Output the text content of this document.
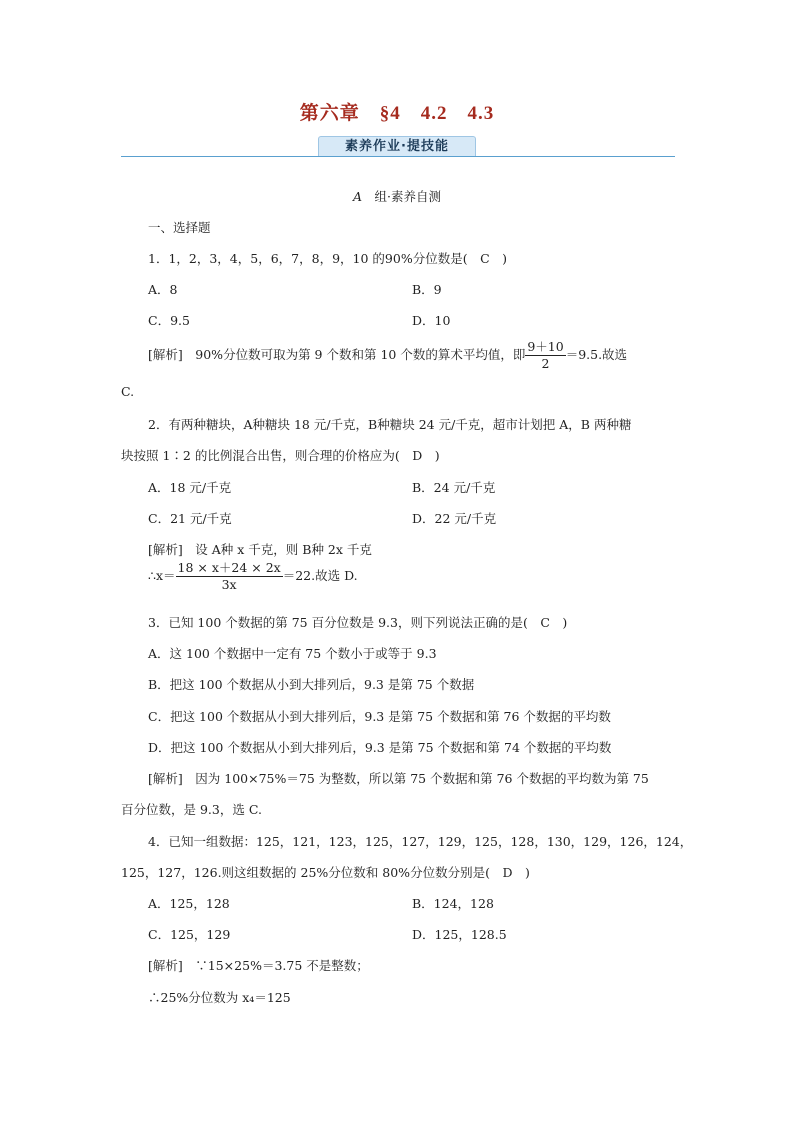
第六章 §4 4.2 4.3
素养作业·提技能
A　 组·素养自测
一、选择题
1．1，2，3，4，5，6，7，8，9，10 的90%分位数是(　C　)
A．8	B．9
C．9.5	D．10
[解析]　 90%分位数可取为第 9 个数和第 10 个数的算术平均值，即 $\frac{9+10}{2} =9.5$.故选
C.
2．有两种糖块，A种糖块 18 元/千克，B种糖块 24 元/千克，超市计划把 A，B 两种糖
块按照 1∶2 的比例混合出售，则合理的价格应为(　D　)
A．18 元/千克	B．24 元/千克
C．21 元/千克	D．22 元/千克
[解析]　 设 A种 x 千克，则 B种 2x 千克
∴x＝ $\frac{18 \times x+24 \times 2x}{3x} =22$.故选 D.
3．已知 100 个数据的第 75 百分位数是 9.3，则下列说法正确的是(　C　)
A．这 100 个数据中一定有 75 个数小于或等于 9.3
B．把这 100 个数据从小到大排列后，9.3 是第 75 个数据
C．把这 100 个数据从小到大排列后，9.3 是第 75 个数据和第 76 个数据的平均数
D．把这 100 个数据从小到大排列后，9.3 是第 75 个数据和第 74 个数据的平均数
[解析]　 因为 100×75%＝75 为整数，所以第 75 个数据和第 76 个数据的平均数为第 75
百分位数，是 9.3，选 C.
4．已知一组数据：125，121，123，125，127，129，125，128，130，129，126，124，
125，127，126.则这组数据的 25%分位数和 80%分位数分别是(　D　)
A．125，128	B．124，128
C．125，129	D．125，128.5
[解析]　 ∵15×25%＝3.75 不是整数；
∴25%分位数为 x₄＝125
